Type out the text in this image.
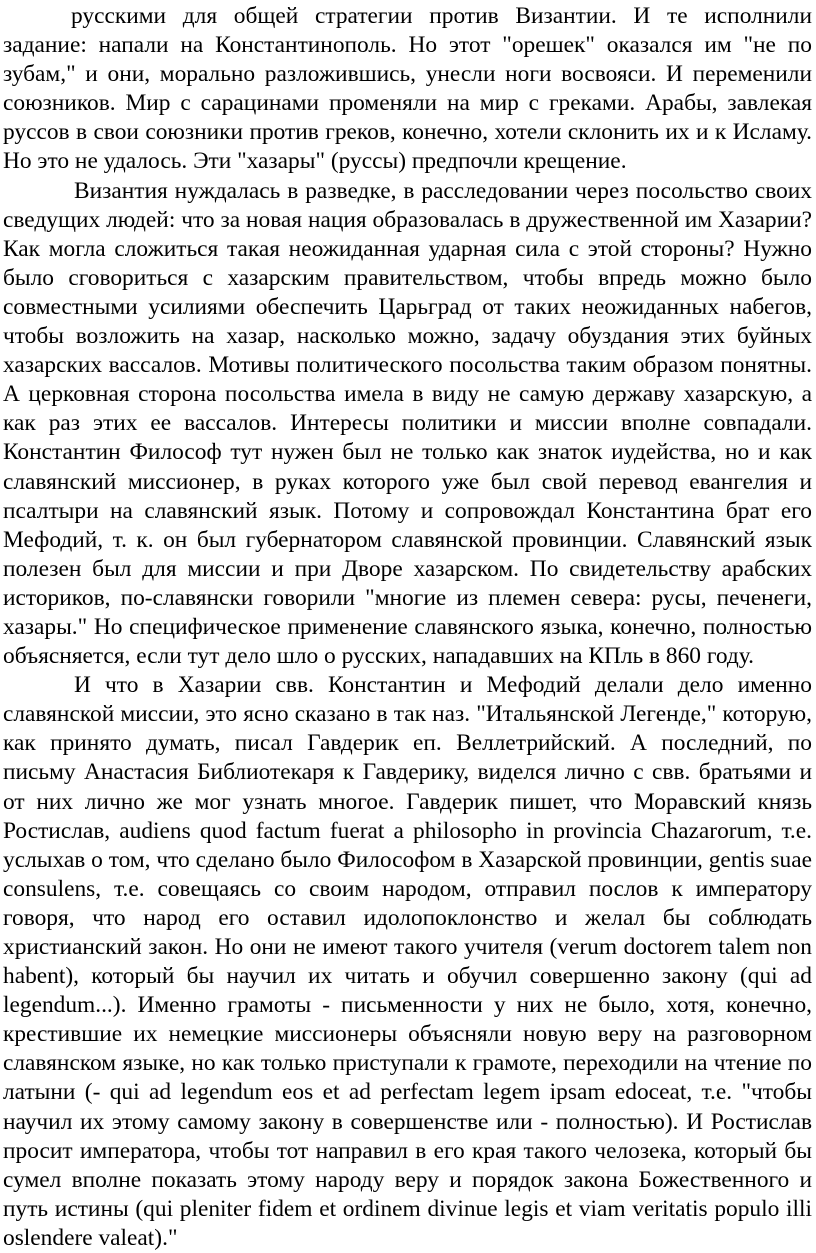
русскими для общей стратегии против Византии. И те исполнили задание: напали на Константинополь. Но этот "орешек" оказался им "не по зубам," и они, морально разложившись, унесли ноги восвояси. И переменили союзников. Мир с сарацинами променяли на мир с греками. Арабы, завлекая руссов в свои союзники против греков, конечно, хотели склонить их и к Исламу. Но это не удалось. Эти "хазары" (руссы) предпочли крещение.

Византия нуждалась в разведке, в расследовании через посольство своих сведущих людей: что за новая нация образовалась в дружественной им Хазарии? Как могла сложиться такая неожиданная ударная сила с этой стороны? Нужно было сговориться с хазарским правительством, чтобы впредь можно было совместными усилиями обеспечить Царьград от таких неожиданных набегов, чтобы возложить на хазар, насколько можно, задачу обуздания этих буйных хазарских вассалов. Мотивы политического посольства таким образом понятны. А церковная сторона посольства имела в виду не самую державу хазарскую, а как раз этих ее вассалов. Интересы политики и миссии вполне совпадали. Константин Философ тут нужен был не только как знаток иудейства, но и как славянский миссионер, в руках которого уже был свой перевод евангелия и псалтыри на славянский язык. Потому и сопровождал Константина брат его Мефодий, т. к. он был губернатором славянской провинции. Славянский язык полезен был для миссии и при Дворе хазарском. По свидетельству арабских историков, по-славянски говорили "многие из племен севера: русы, печенеги, хазары." Но специфическое применение славянского языка, конечно, полностью объясняется, если тут дело шло о русских, нападавших на КПль в 860 году.

И что в Хазарии свв. Константин и Мефодий делали дело именно славянской миссии, это ясно сказано в так наз. "Итальянской Легенде," которую, как принято думать, писал Гавдерик еп. Веллетрийский. А последний, по письму Анастасия Библиотекаря к Гавдерику, виделся лично с свв. братьями и от них лично же мог узнать многое. Гавдерик пишет, что Моравский князь Ростислав, audiens quod factum fuerat a philosopho in provincia Chazarorum, т.е. услыхав о том, что сделано было Философом в Хазарской провинции, gentis suae consulens, т.е. совещаясь со своим народом, отправил послов к императору говоря, что народ его оставил идолопоклонство и желал бы соблюдать христианский закон. Но они не имеют такого учителя (verum doctorem talem non habent), который бы научил их читать и обучил совершенно закону (qui ad legendum...). Именно грамоты - письменности у них не было, хотя, конечно, крестившие их немецкие миссионеры объясняли новую веру на разговорном славянском языке, но как только приступали к грамоте, переходили на чтение по латыни (- qui ad legendum eos et ad perfectam legem ipsam edoceat, т.е. "чтобы научил их этому самому закону в совершенстве или - полностью). И Ростислав просит императора, чтобы тот направил в его края такого челозека, который бы сумел вполне показать этому народу веру и порядок закона Божественного и путь истины (qui pleniter fidem et ordinem divinue legis et viam veritatis populo illi oslendere valeat)."
